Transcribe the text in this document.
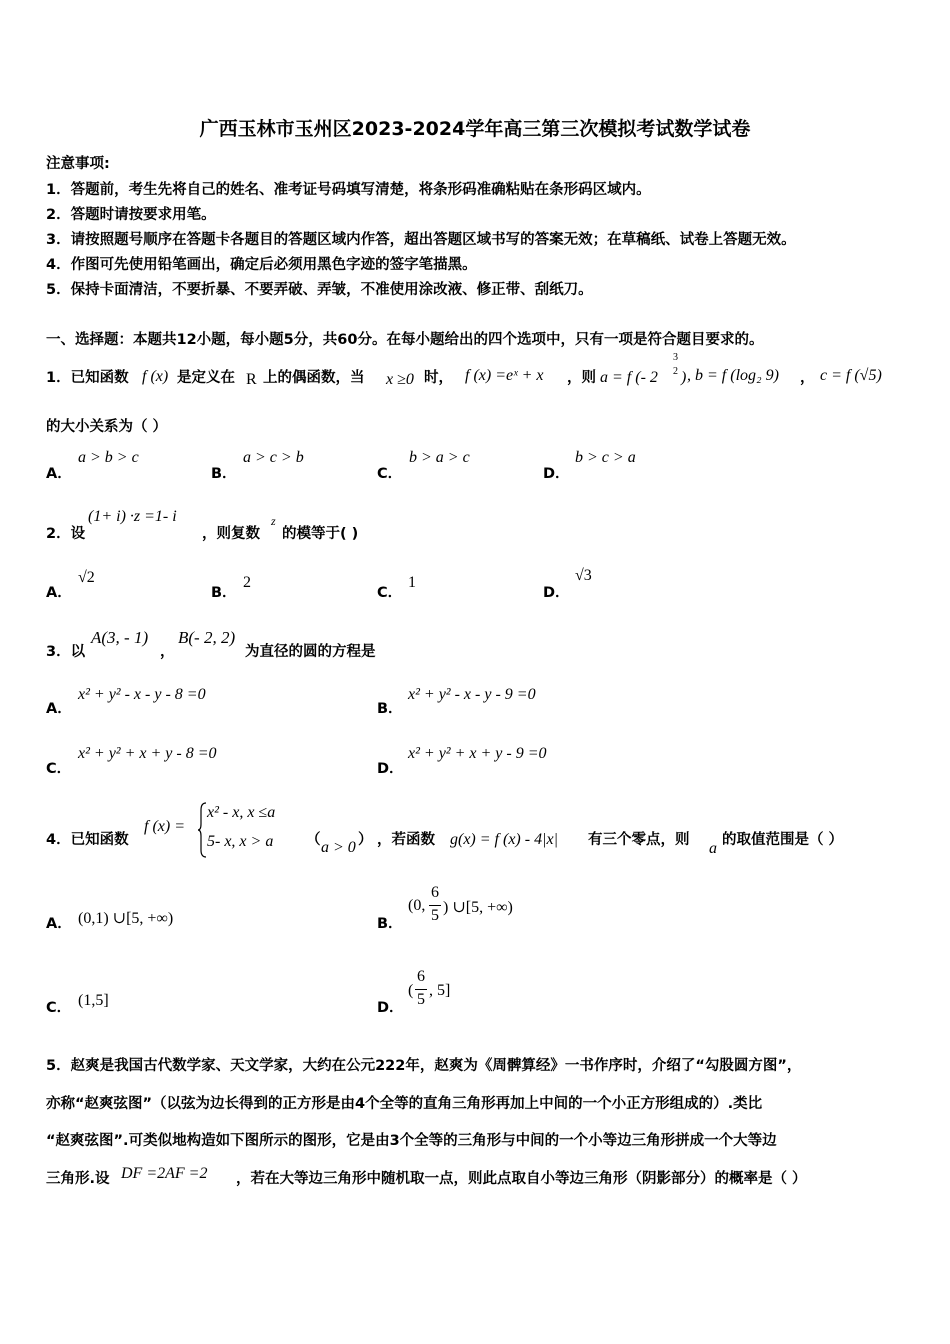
广西玉林市玉州区2023-2024学年高三第三次模拟考试数学试卷
注意事项:
1．答题前，考生先将自己的姓名、准考证号码填写清楚，将条形码准确粘贴在条形码区域内。
2．答题时请按要求用笔。
3．请按照题号顺序在答题卡各题目的答题区域内作答，超出答题区域书写的答案无效；在草稿纸、试卷上答题无效。
4．作图可先使用铅笔画出，确定后必须用黑色字迹的签字笔描黑。
5．保持卡面清洁，不要折暴、不要弄破、弄皱，不准使用涂改液、修正带、刮纸刀。
一、选择题：本题共12小题，每小题5分，共60分。在每小题给出的四个选项中，只有一项是符合题目要求的。
1．已知函数 f (x) 是定义在 R 上的偶函数，当 x ≥0 时， f (x) =eˣ + x ，则 a = f (- 2
3
2 ) , b = f (log₂ 9) ， c = f (√5)
的大小关系为（ ）
A．
a > b > c
B．
a > c > b
C．
b > a > c
D．
b > c > a
2．设
(1+ i) ·z =1- i
，则复数
z
的模等于( )
A．
√2
B．
2
C．
1
D．
√3
3．以
A(3, - 1)
，
B(- 2, 2)
为直径的圆的方程是
A．
x² + y² - x - y - 8 =0
B．
x² + y² - x - y - 9 =0
C．
x² + y² + x + y - 8 =0
D．
x² + y² + x + y - 9 =0
4．已知函数
f (x) =
x² - x, x ≤a
5- x, x > a （ a > 0 ） ，若函数 g(x) = f (x) - 4|x| 有三个零点，则 a 的取值范围是（ ）
A． (0,1) ∪[5, +∞)	B．
(0,
6
5 ) ∪[5, +∞)
C． (1,5]	D．
(
6
5
, 5]
5．赵爽是我国古代数学家、天文学家，大约在公元222年，赵爽为《周髀算经》一书作序时，介绍了“勾股圆方图”，
亦称“赵爽弦图”（以弦为边长得到的正方形是由4个全等的直角三角形再加上中间的一个小正方形组成的）.类比
“赵爽弦图”.可类似地构造如下图所示的图形，它是由3个全等的三角形与中间的一个小等边三角形拼成一个大等边
三角形.设 DF =2AF =2 ，若在大等边三角形中随机取一点，则此点取自小等边三角形（阴影部分）的概率是（ ）
